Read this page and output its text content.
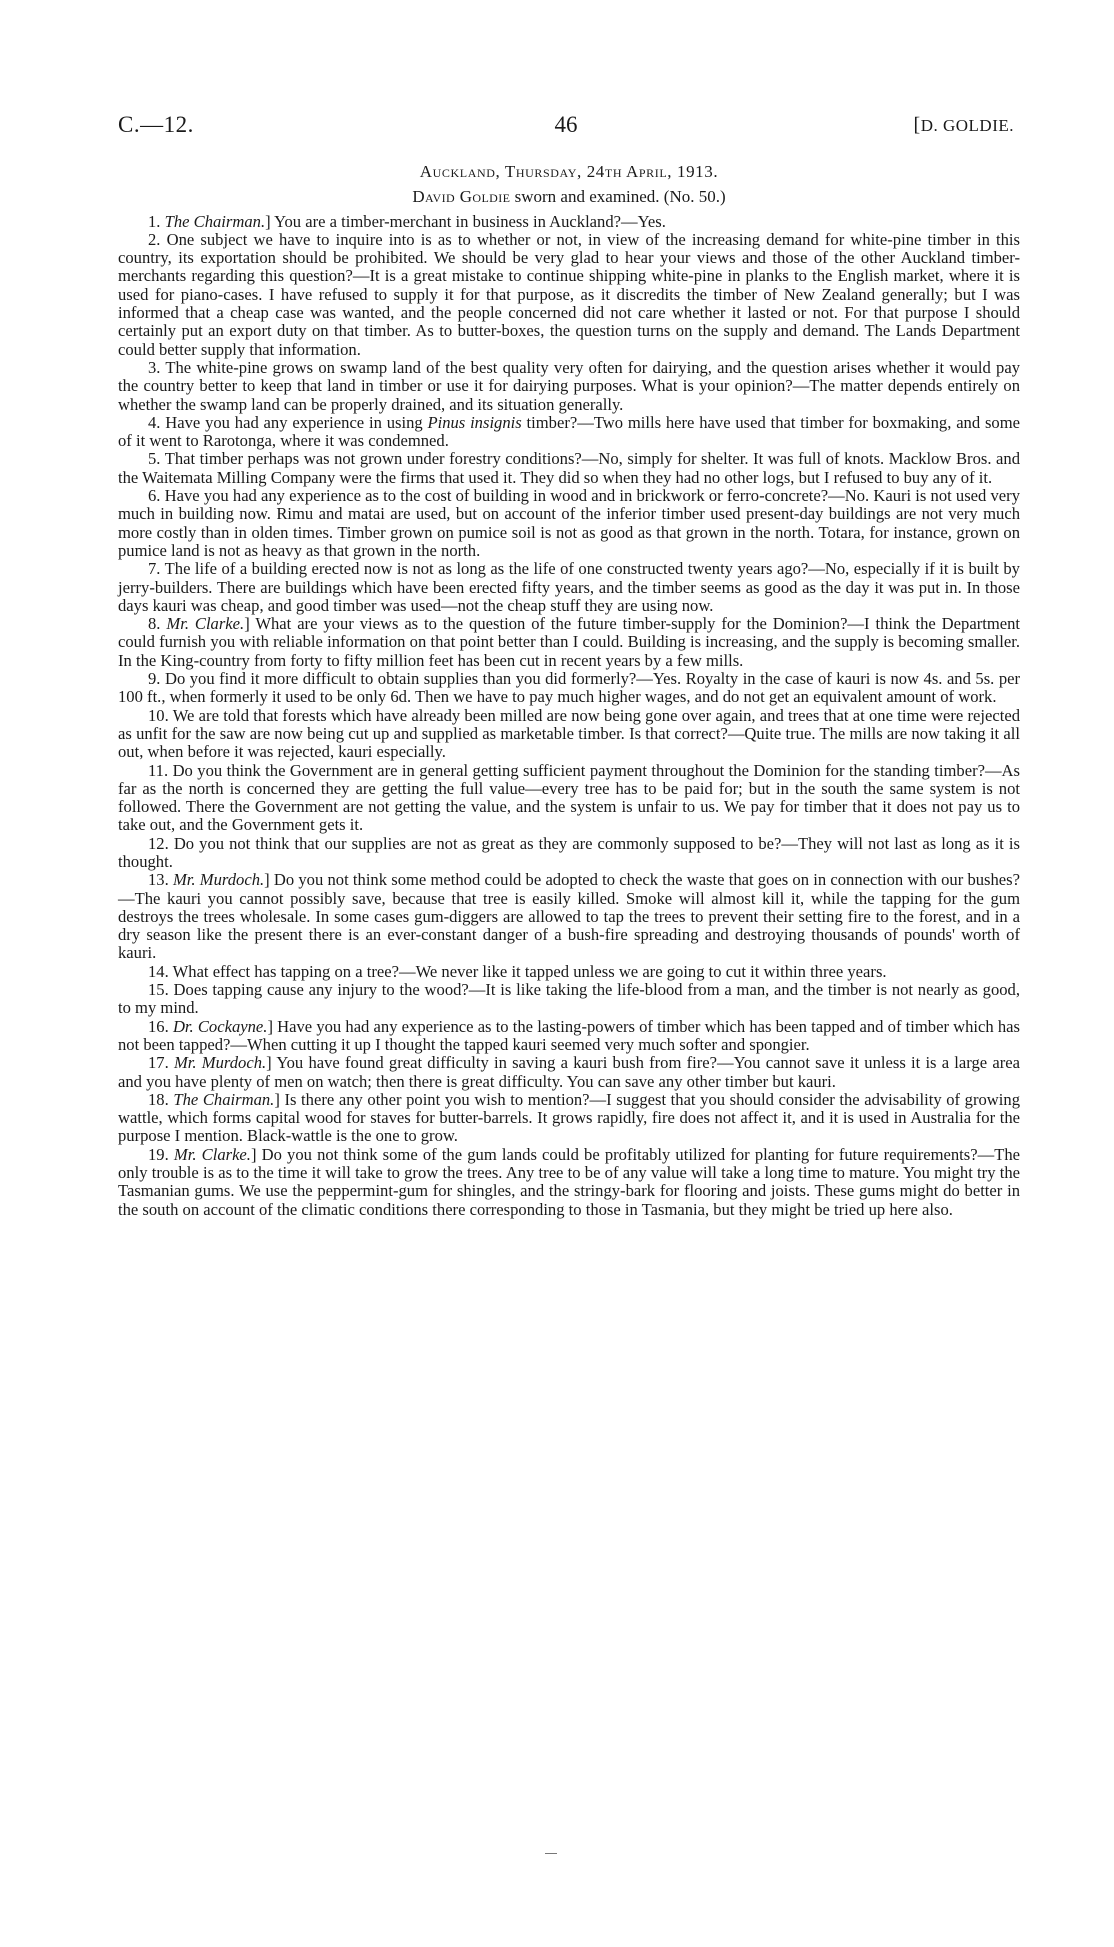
C.—12.	46	[D. GOLDIE.
Auckland, Thursday, 24th April, 1913.
David Goldie sworn and examined. (No. 50.)

1. The Chairman.] You are a timber-merchant in business in Auckland?—Yes.

2. One subject we have to inquire into is as to whether or not, in view of the increasing demand for white-pine timber in this country, its exportation should be prohibited. We should be very glad to hear your views and those of the other Auckland timber-merchants regarding this question?—It is a great mistake to continue shipping white-pine in planks to the English market, where it is used for piano-cases. I have refused to supply it for that purpose, as it discredits the timber of New Zealand generally; but I was informed that a cheap case was wanted, and the people concerned did not care whether it lasted or not. For that purpose I should certainly put an export duty on that timber. As to butter-boxes, the question turns on the supply and demand. The Lands Department could better supply that information.

3. The white-pine grows on swamp land of the best quality very often for dairying, and the question arises whether it would pay the country better to keep that land in timber or use it for dairying purposes. What is your opinion?—The matter depends entirely on whether the swamp land can be properly drained, and its situation generally.

4. Have you had any experience in using Pinus insignis timber?—Two mills here have used that timber for boxmaking, and some of it went to Rarotonga, where it was condemned.

5. That timber perhaps was not grown under forestry conditions?—No, simply for shelter. It was full of knots. Macklow Bros. and the Waitemata Milling Company were the firms that used it. They did so when they had no other logs, but I refused to buy any of it.

6. Have you had any experience as to the cost of building in wood and in brickwork or ferro-concrete?—No. Kauri is not used very much in building now. Rimu and matai are used, but on account of the inferior timber used present-day buildings are not very much more costly than in olden times. Timber grown on pumice soil is not as good as that grown in the north. Totara, for instance, grown on pumice land is not as heavy as that grown in the north.

7. The life of a building erected now is not as long as the life of one constructed twenty years ago?—No, especially if it is built by jerry-builders. There are buildings which have been erected fifty years, and the timber seems as good as the day it was put in. In those days kauri was cheap, and good timber was used—not the cheap stuff they are using now.

8. Mr. Clarke.] What are your views as to the question of the future timber-supply for the Dominion?—I think the Department could furnish you with reliable information on that point better than I could. Building is increasing, and the supply is becoming smaller. In the King-country from forty to fifty million feet has been cut in recent years by a few mills.

9. Do you find it more difficult to obtain supplies than you did formerly?—Yes. Royalty in the case of kauri is now 4s. and 5s. per 100 ft., when formerly it used to be only 6d. Then we have to pay much higher wages, and do not get an equivalent amount of work.

10. We are told that forests which have already been milled are now being gone over again, and trees that at one time were rejected as unfit for the saw are now being cut up and supplied as marketable timber. Is that correct?—Quite true. The mills are now taking it all out, when before it was rejected, kauri especially.

11. Do you think the Government are in general getting sufficient payment throughout the Dominion for the standing timber?—As far as the north is concerned they are getting the full value—every tree has to be paid for; but in the south the same system is not followed. There the Government are not getting the value, and the system is unfair to us. We pay for timber that it does not pay us to take out, and the Government gets it.

12. Do you not think that our supplies are not as great as they are commonly supposed to be?—They will not last as long as it is thought.

13. Mr. Murdoch.] Do you not think some method could be adopted to check the waste that goes on in connection with our bushes?—The kauri you cannot possibly save, because that tree is easily killed. Smoke will almost kill it, while the tapping for the gum destroys the trees wholesale. In some cases gum-diggers are allowed to tap the trees to prevent their setting fire to the forest, and in a dry season like the present there is an ever-constant danger of a bush-fire spreading and destroying thousands of pounds' worth of kauri.

14. What effect has tapping on a tree?—We never like it tapped unless we are going to cut it within three years.

15. Does tapping cause any injury to the wood?—It is like taking the life-blood from a man, and the timber is not nearly as good, to my mind.

16. Dr. Cockayne.] Have you had any experience as to the lasting-powers of timber which has been tapped and of timber which has not been tapped?—When cutting it up I thought the tapped kauri seemed very much softer and spongier.

17. Mr. Murdoch.] You have found great difficulty in saving a kauri bush from fire?—You cannot save it unless it is a large area and you have plenty of men on watch; then there is great difficulty. You can save any other timber but kauri.

18. The Chairman.] Is there any other point you wish to mention?—I suggest that you should consider the advisability of growing wattle, which forms capital wood for staves for butter-barrels. It grows rapidly, fire does not affect it, and it is used in Australia for the purpose I mention. Black-wattle is the one to grow.

19. Mr. Clarke.] Do you not think some of the gum lands could be profitably utilized for planting for future requirements?—The only trouble is as to the time it will take to grow the trees. Any tree to be of any value will take a long time to mature. You might try the Tasmanian gums. We use the peppermint-gum for shingles, and the stringy-bark for flooring and joists. These gums might do better in the south on account of the climatic conditions there corresponding to those in Tasmania, but they might be tried up here also.
